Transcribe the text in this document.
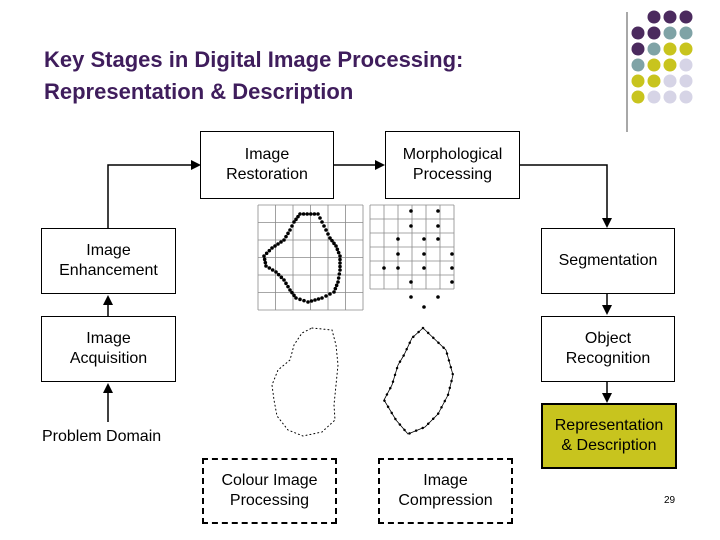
Key Stages in Digital Image Processing:
Representation & Description
Image
Restoration
Morphological
Processing
Image
Enhancement
Segmentation
Image
Acquisition
Object
Recognition
Representation
& Description
Problem Domain
Colour Image
Processing
Image
Compression	29
